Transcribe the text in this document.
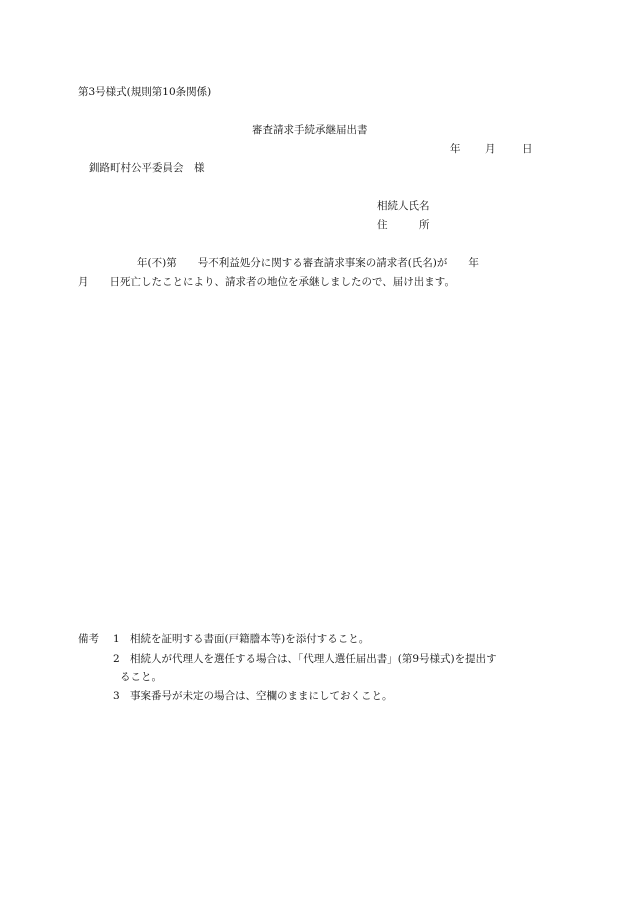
第3号様式(規則第10条関係)
審査請求手続承継届出書
年 月	日
釧路町村公平委員会　様
相続人氏名
住　　　所
年(不)第　　号不利益処分に関する審査請求事案の請求者(氏名)が　　年
月　　日死亡したことにより、請求者の地位を承継しましたので、届け出ます。
備考 1 相続を証明する書面(戸籍謄本等)を添付すること。
2 相続人が代理人を選任する場合は、「代理人選任届出書」(第9号様式)を提出す
ること。
3 事案番号が未定の場合は、空欄のままにしておくこと。
